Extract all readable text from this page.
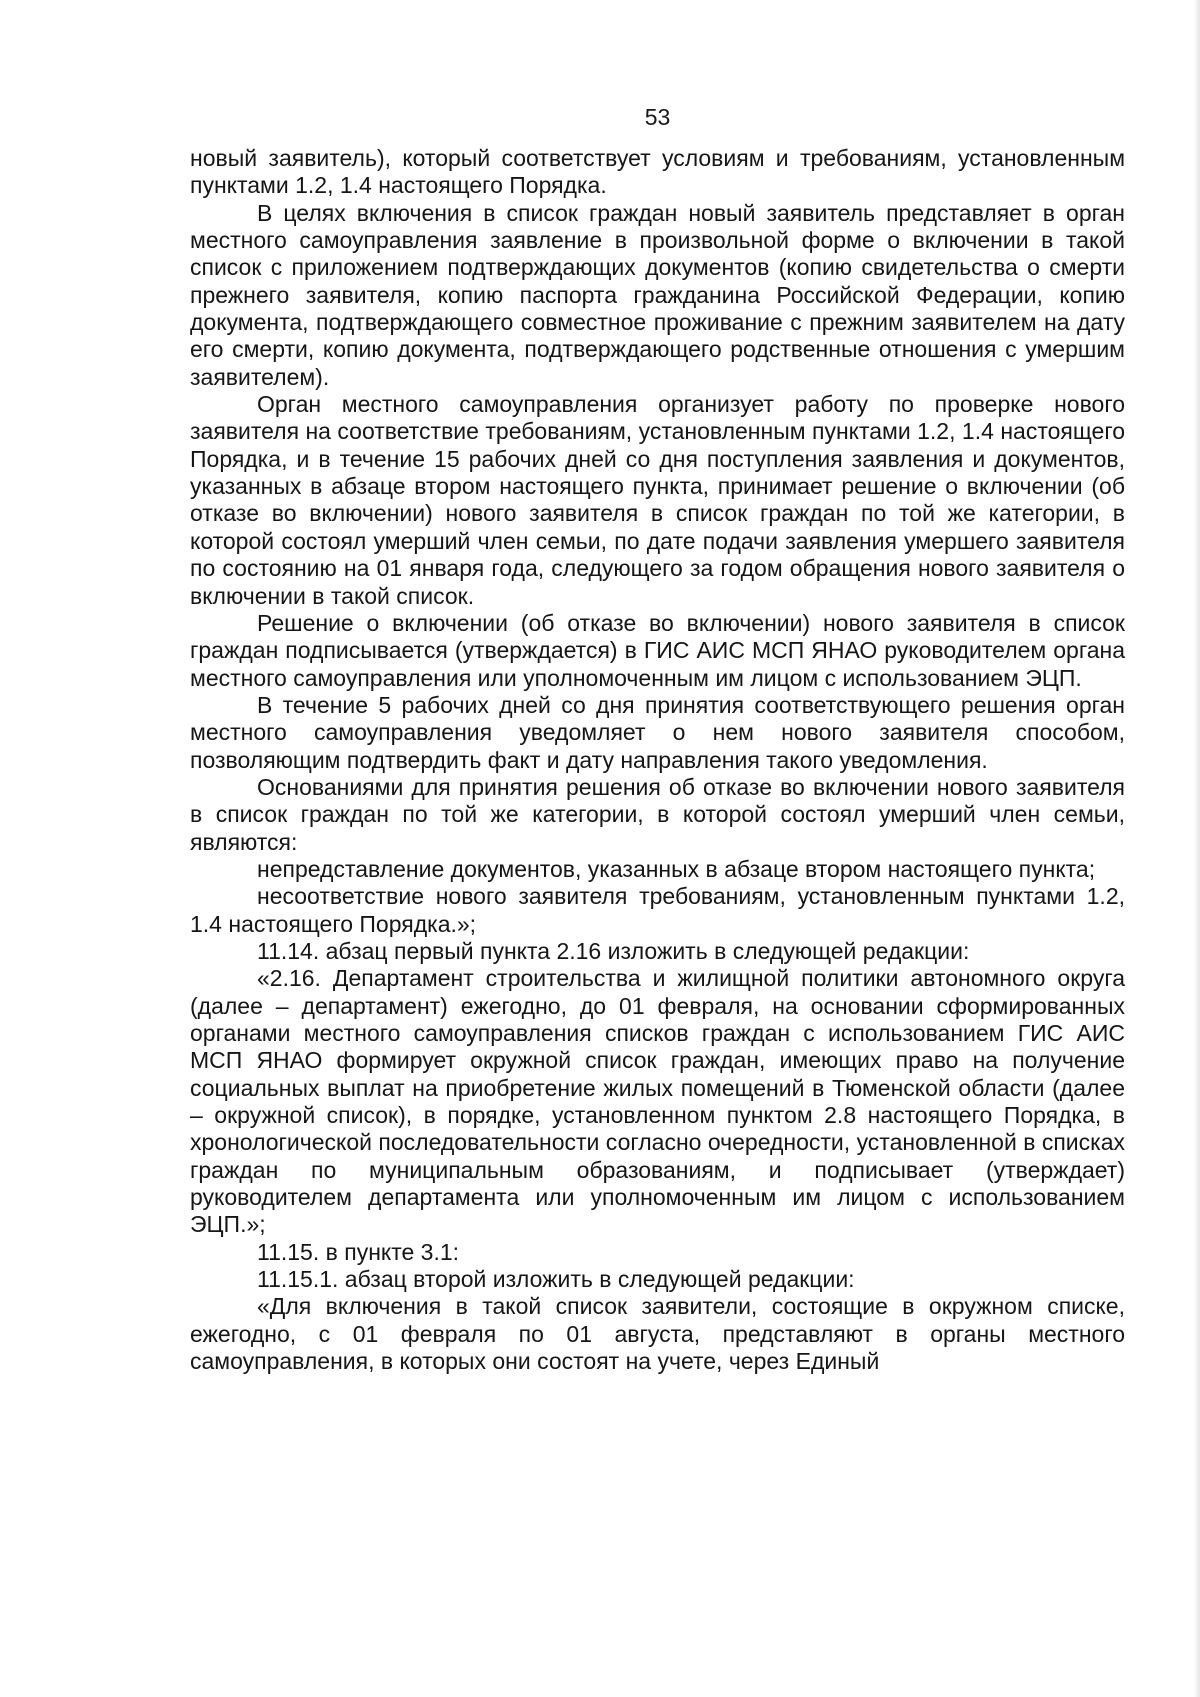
53

новый заявитель), который соответствует условиям и требованиям, установленным пунктами 1.2, 1.4 настоящего Порядка.

В целях включения в список граждан новый заявитель представляет в орган местного самоуправления заявление в произвольной форме о включении в такой список с приложением подтверждающих документов (копию свидетельства о смерти прежнего заявителя, копию паспорта гражданина Российской Федерации, копию документа, подтверждающего совместное проживание с прежним заявителем на дату его смерти, копию документа, подтверждающего родственные отношения с умершим заявителем).

Орган местного самоуправления организует работу по проверке нового заявителя на соответствие требованиям, установленным пунктами 1.2, 1.4 настоящего Порядка, и в течение 15 рабочих дней со дня поступления заявления и документов, указанных в абзаце втором настоящего пункта, принимает решение о включении (об отказе во включении) нового заявителя в список граждан по той же категории, в которой состоял умерший член семьи, по дате подачи заявления умершего заявителя по состоянию на 01 января года, следующего за годом обращения нового заявителя о включении в такой список.

Решение о включении (об отказе во включении) нового заявителя в список граждан подписывается (утверждается) в ГИС АИС МСП ЯНАО руководителем органа местного самоуправления или уполномоченным им лицом с использованием ЭЦП.

В течение 5 рабочих дней со дня принятия соответствующего решения орган местного самоуправления уведомляет о нем нового заявителя способом, позволяющим подтвердить факт и дату направления такого уведомления.

Основаниями для принятия решения об отказе во включении нового заявителя в список граждан по той же категории, в которой состоял умерший член семьи, являются:

непредставление документов, указанных в абзаце втором настоящего пункта;

несоответствие нового заявителя требованиям, установленным пунктами 1.2, 1.4 настоящего Порядка.»;

11.14. абзац первый пункта 2.16 изложить в следующей редакции:

«2.16. Департамент строительства и жилищной политики автономного округа (далее – департамент) ежегодно, до 01 февраля, на основании сформированных органами местного самоуправления списков граждан с использованием ГИС АИС МСП ЯНАО формирует окружной список граждан, имеющих право на получение социальных выплат на приобретение жилых помещений в Тюменской области (далее – окружной список), в порядке, установленном пунктом 2.8 настоящего Порядка, в хронологической последовательности согласно очередности, установленной в списках граждан по муниципальным образованиям, и подписывает (утверждает) руководителем департамента или уполномоченным им лицом с использованием ЭЦП.»;

11.15. в пункте 3.1:

11.15.1. абзац второй изложить в следующей редакции:

«Для включения в такой список заявители, состоящие в окружном списке, ежегодно, с 01 февраля по 01 августа, представляют в органы местного самоуправления, в которых они состоят на учете, через Единый
